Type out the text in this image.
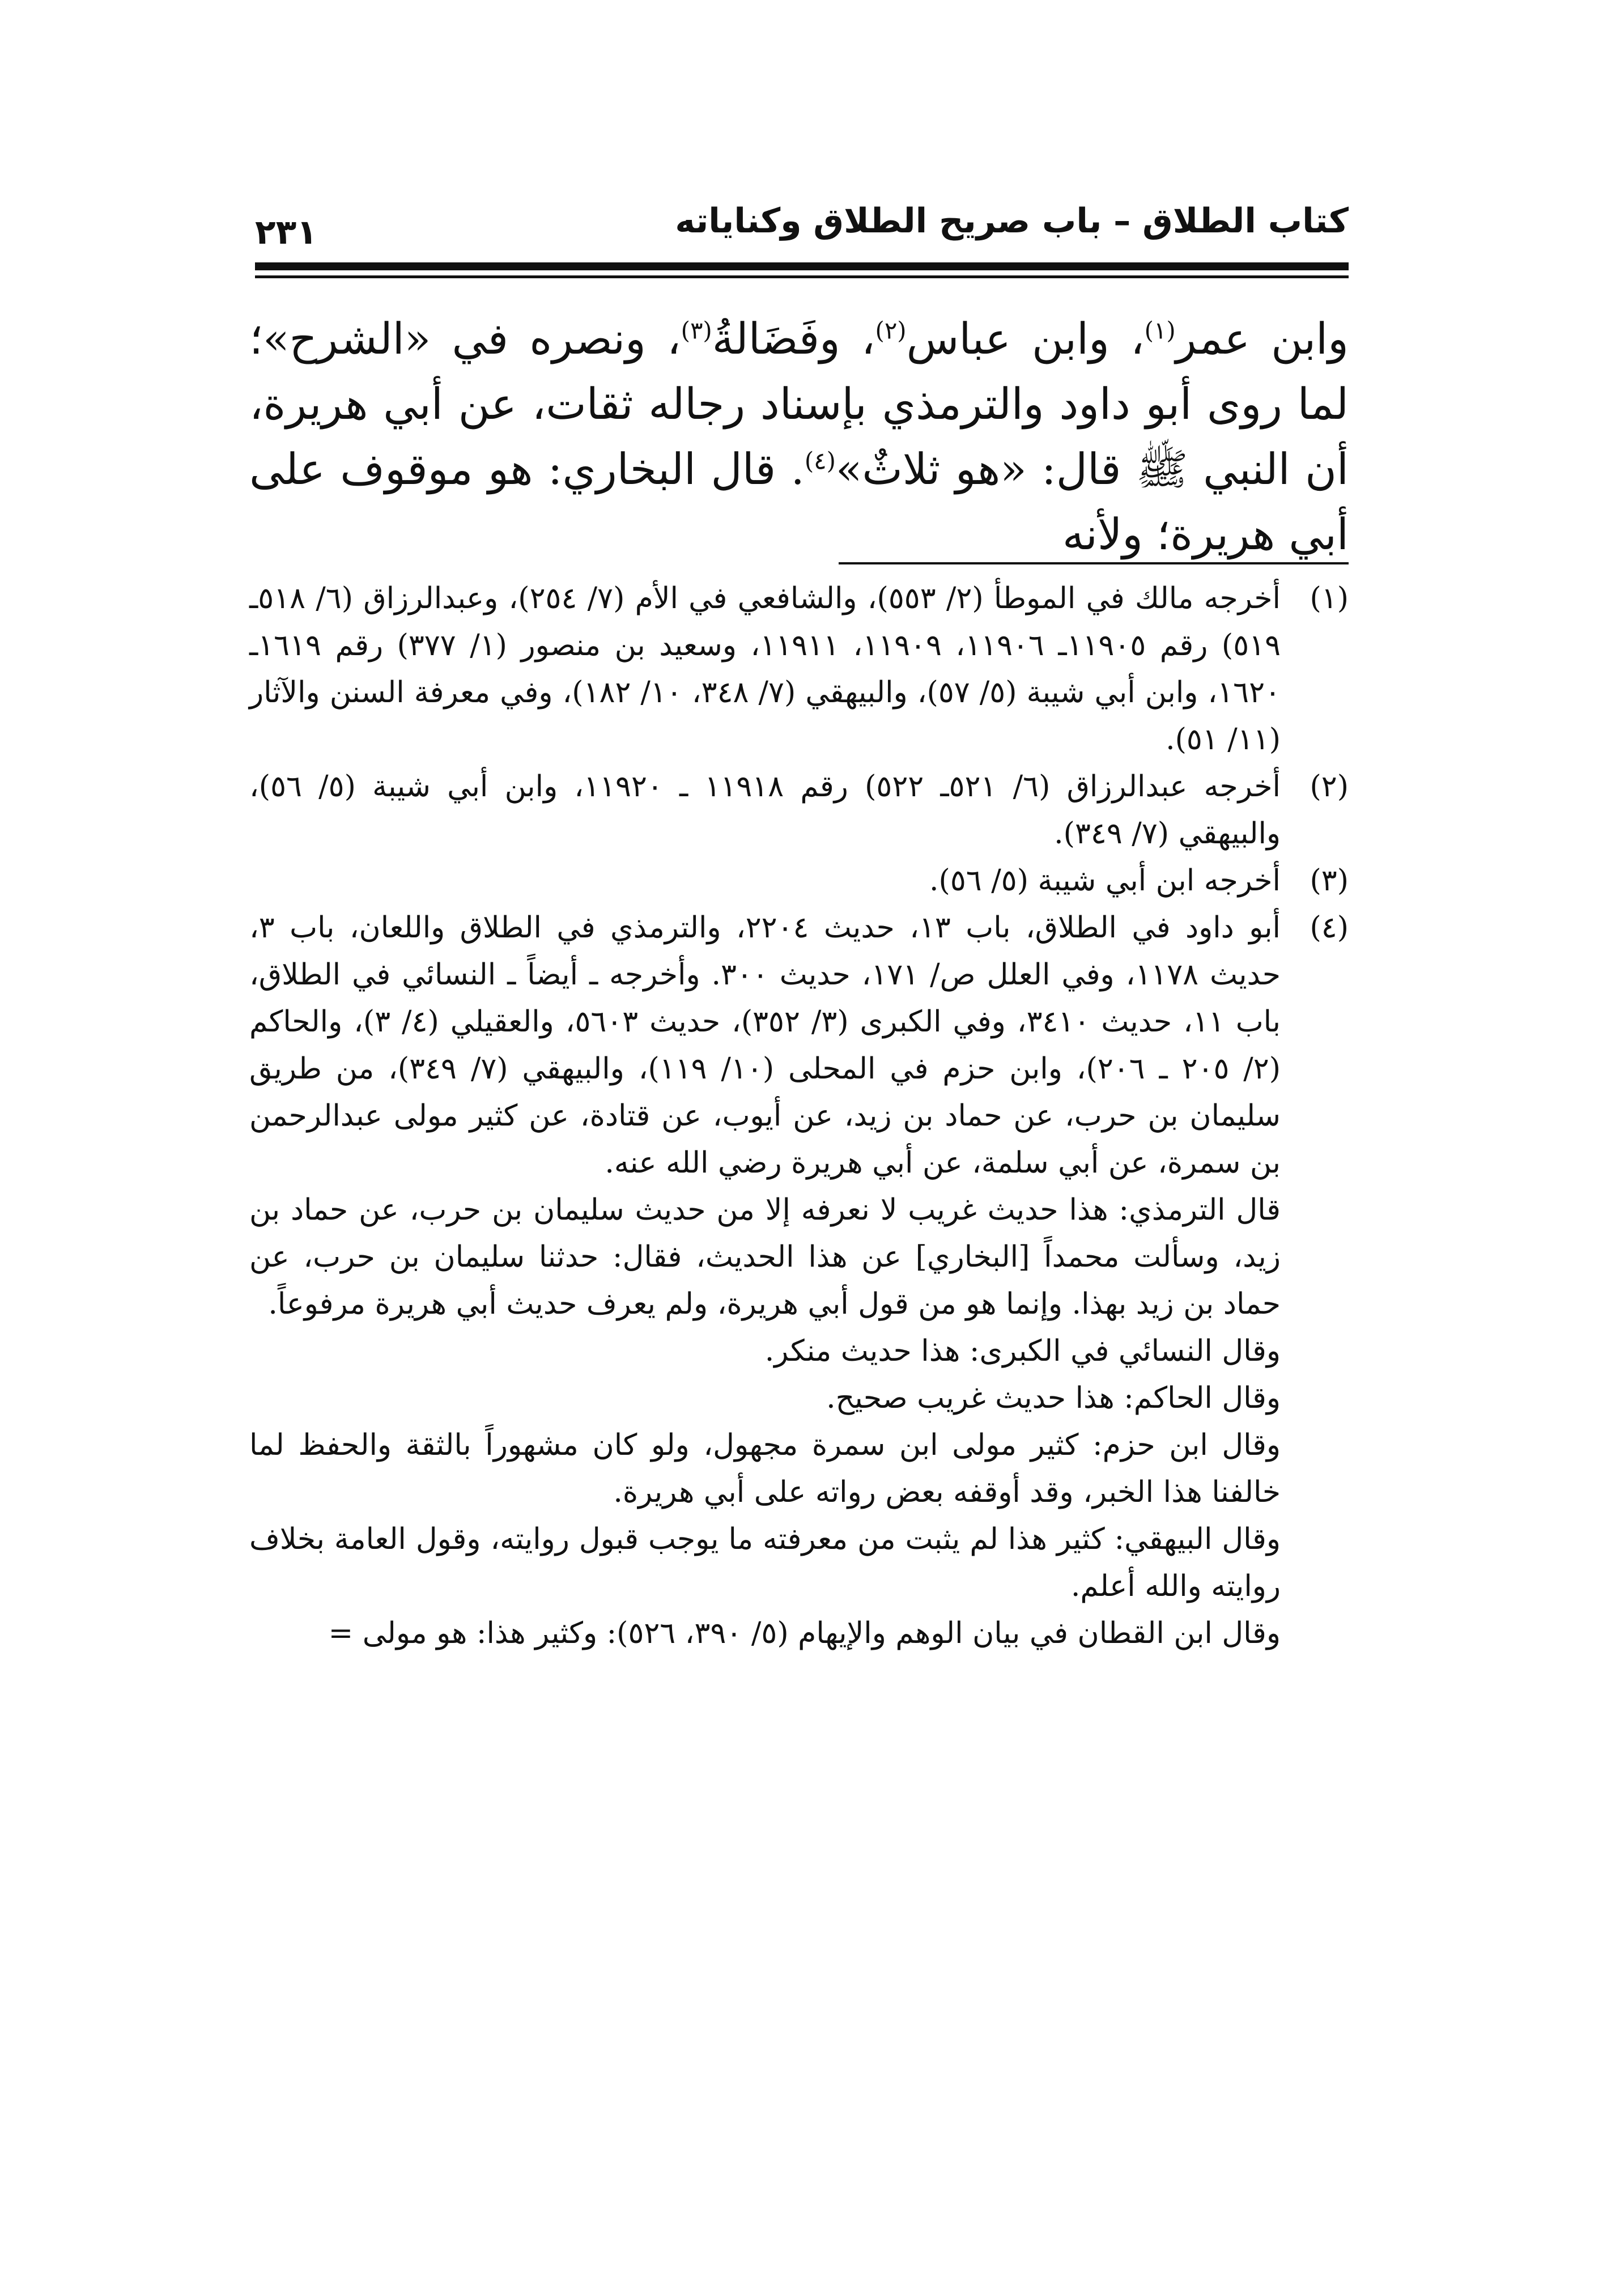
كتاب الطلاق – باب صريح الطلاق وكناياته
٢٣١

وابن عمر$^{(١)}$، وابن عباس$^{(٢)}$، وفَضَالةُ$^{(٣)}$، ونصره في «الشرح»؛ لما روى أبو داود والترمذي بإسناد رجاله ثقات، عن أبي هريرة، أن النبي ﷺ قال: «هو ثلاثٌ»$^{(٤)}$. قال البخاري: هو موقوف على أبي هريرة؛ ولأنه

(١)
أخرجه مالك في الموطأ (٢/ ٥٥٣)، والشافعي في الأم (٧/ ٢٥٤)، وعبدالرزاق (٦/ ٥١٨ـ ٥١٩) رقم ١١٩٠٥ـ ١١٩٠٦، ١١٩٠٩، ١١٩١١، وسعيد بن منصور (١/ ٣٧٧) رقم ١٦١٩ـ ١٦٢٠، وابن أبي شيبة (٥/ ٥٧)، والبيهقي (٧/ ٣٤٨، ١٠/ ١٨٢)، وفي معرفة السنن والآثار (١١/ ٥١).

(٢)
أخرجه عبدالرزاق (٦/ ٥٢١ـ ٥٢٢) رقم ١١٩١٨ ـ ١١٩٢٠، وابن أبي شيبة (٥/ ٥٦)، والبيهقي (٧/ ٣٤٩).

(٣)
أخرجه ابن أبي شيبة (٥/ ٥٦).

(٤)
أبو داود في الطلاق، باب ١٣، حديث ٢٢٠٤، والترمذي في الطلاق واللعان، باب ٣، حديث ١١٧٨، وفي العلل ص/ ١٧١، حديث ٣٠٠. وأخرجه ـ أيضاً ـ النسائي في الطلاق، باب ١١، حديث ٣٤١٠، وفي الكبرى (٣/ ٣٥٢)، حديث ٥٦٠٣، والعقيلي (٤/ ٣)، والحاكم (٢/ ٢٠٥ ـ ٢٠٦)، وابن حزم في المحلى (١٠/ ١١٩)، والبيهقي (٧/ ٣٤٩)، من طريق سليمان بن حرب، عن حماد بن زيد، عن أيوب، عن قتادة، عن كثير مولى عبدالرحمن بن سمرة، عن أبي سلمة، عن أبي هريرة رضي الله عنه.

قال الترمذي: هذا حديث غريب لا نعرفه إلا من حديث سليمان بن حرب، عن حماد بن زيد، وسألت محمداً [البخاري] عن هذا الحديث، فقال: حدثنا سليمان بن حرب، عن حماد بن زيد بهذا. وإنما هو من قول أبي هريرة، ولم يعرف حديث أبي هريرة مرفوعاً.

وقال النسائي في الكبرى: هذا حديث منكر.

وقال الحاكم: هذا حديث غريب صحيح.

وقال ابن حزم: كثير مولى ابن سمرة مجهول، ولو كان مشهوراً بالثقة والحفظ لما خالفنا هذا الخبر، وقد أوقفه بعض رواته على أبي هريرة.

وقال البيهقي: كثير هذا لم يثبت من معرفته ما يوجب قبول روايته، وقول العامة بخلاف روايته والله أعلم.

وقال ابن القطان في بيان الوهم والإيهام (٥/ ٣٩٠، ٥٢٦): وكثير هذا: هو مولى =
